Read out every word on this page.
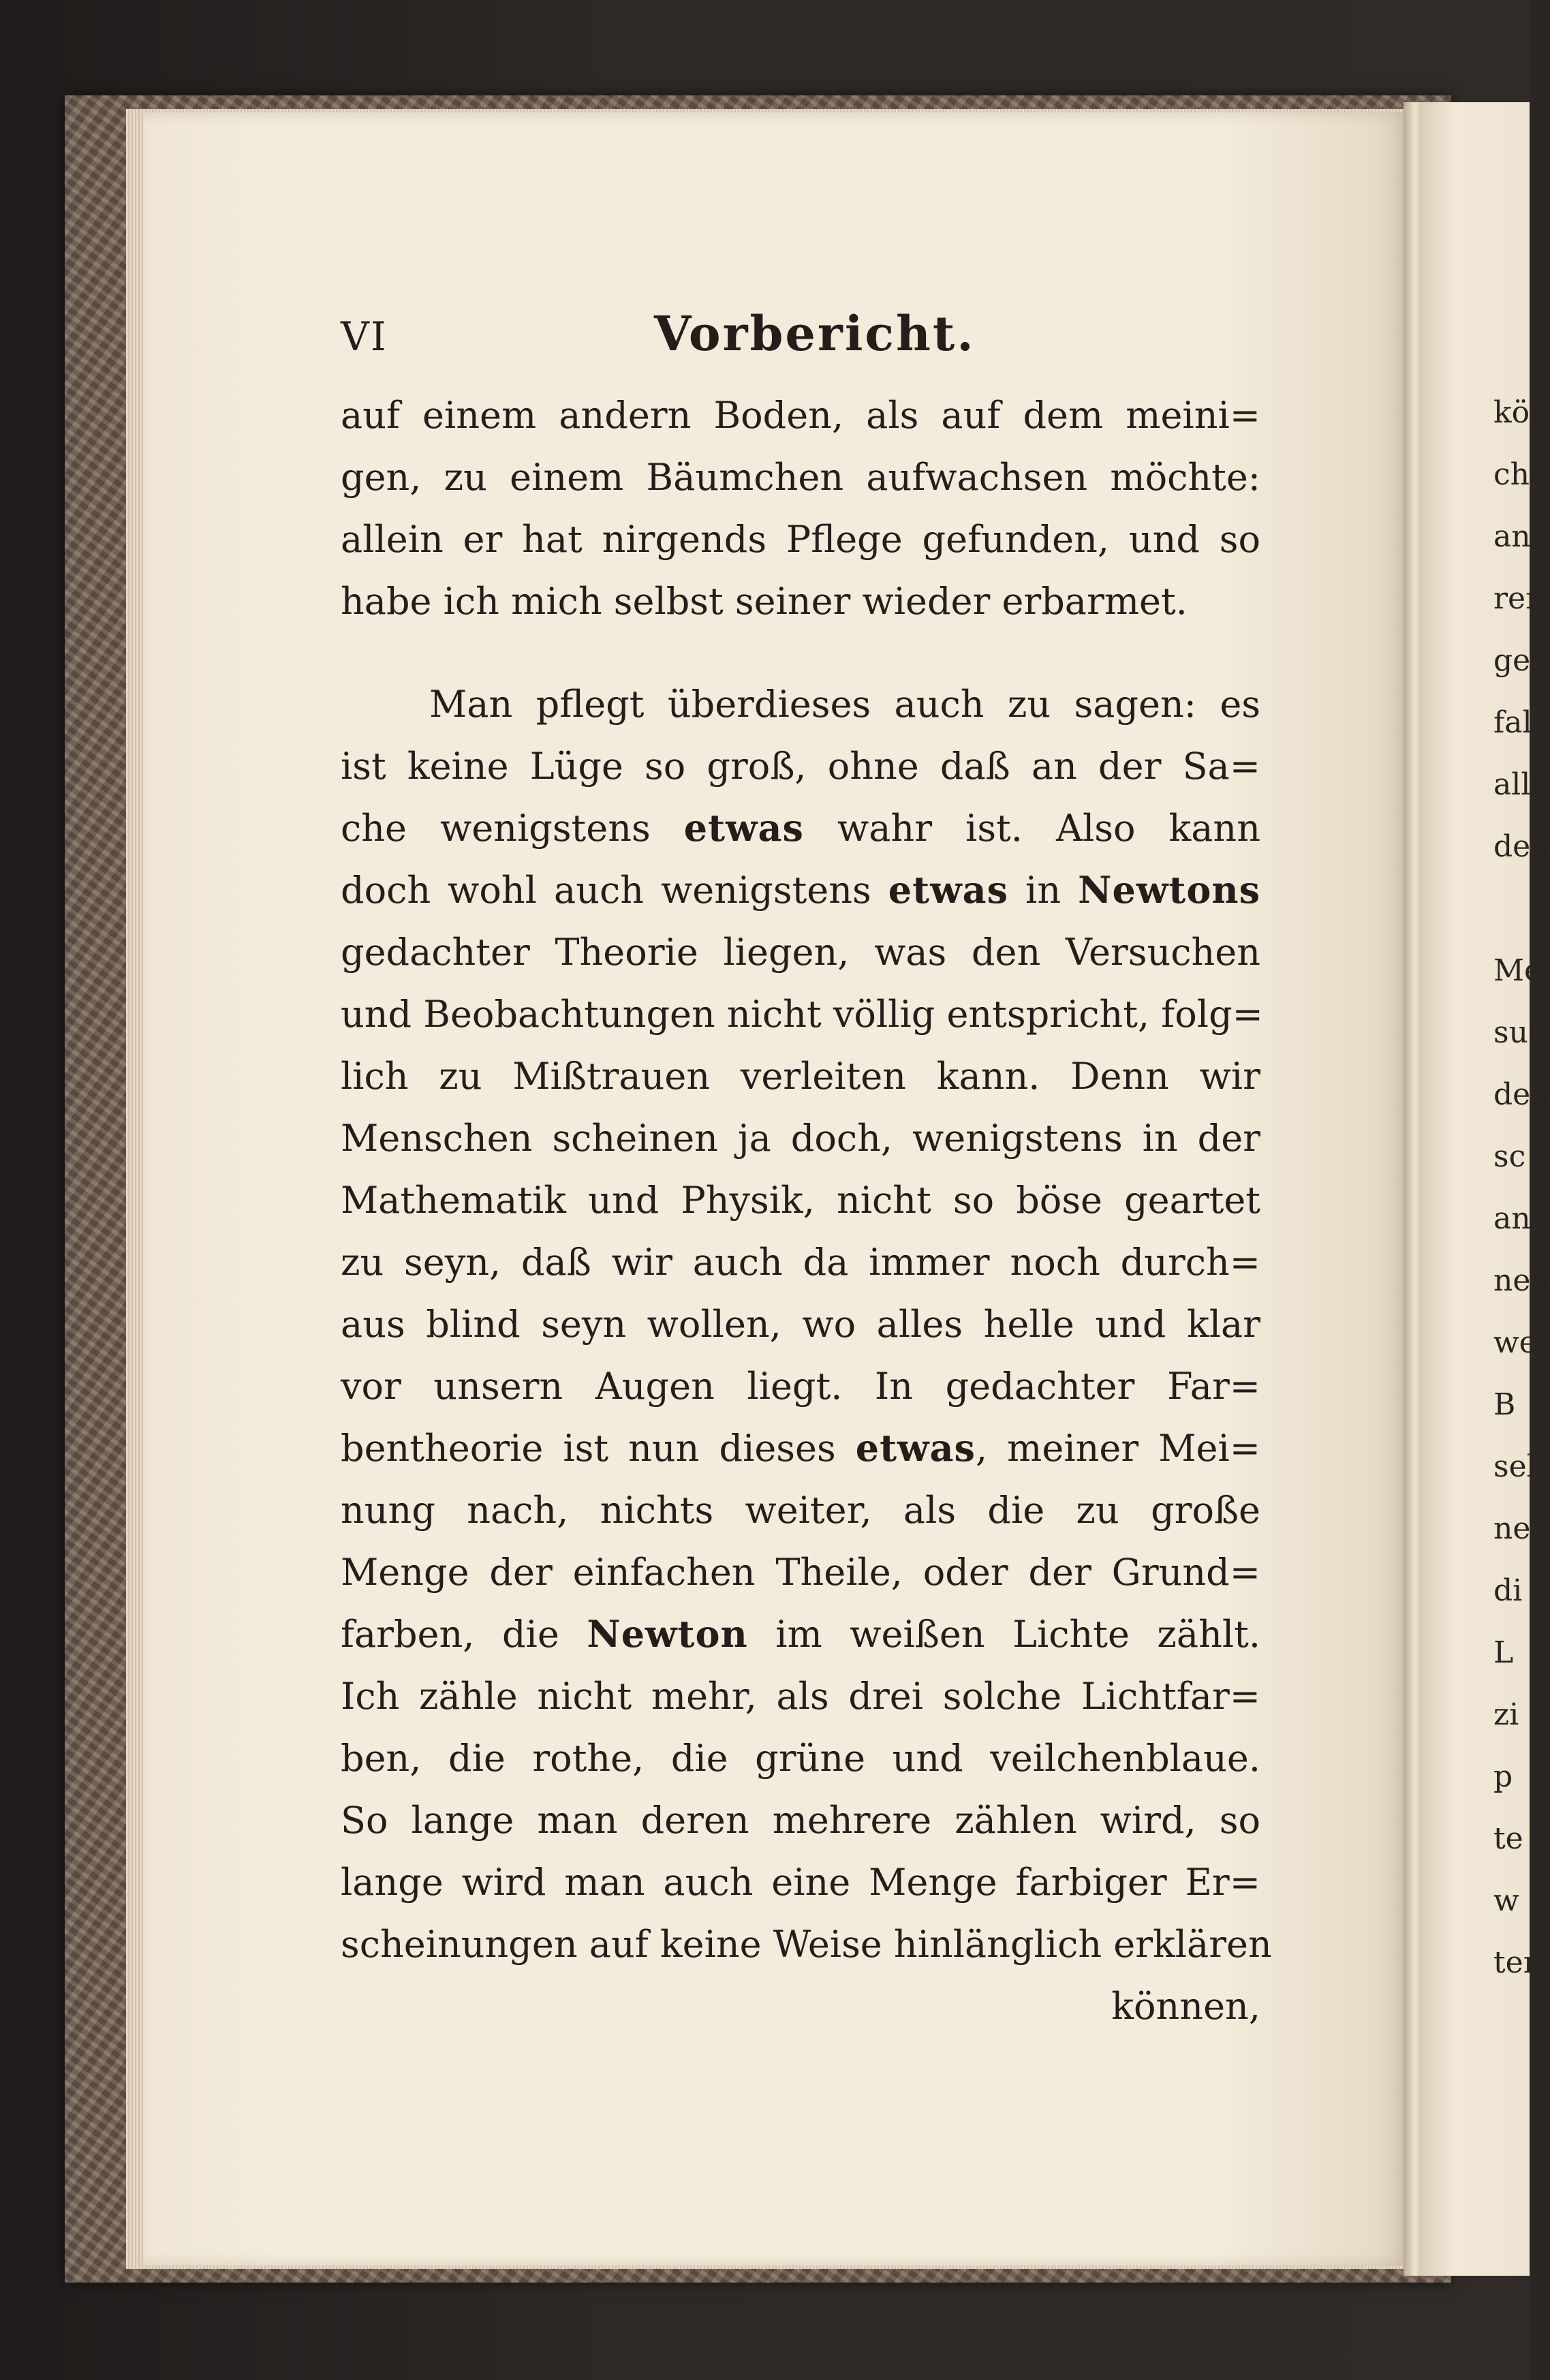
kön
che
an
ren
ges
fal
alle
den
Me
suc
den
sc
an
nen
we
B
sel
ne
di
L
zi
p
te
w
ter
VI	Vorbericht.
auf einem andern Boden, als auf dem meini=
gen, zu einem Bäumchen aufwachsen möchte:
allein er hat nirgends Pflege gefunden, und so
habe ich mich selbst seiner wieder erbarmet.
Man pflegt überdieses auch zu sagen: es
ist keine Lüge so groß, ohne daß an der Sa=
che wenigstens etwas wahr ist. Also kann
doch wohl auch wenigstens etwas in Newtons
gedachter Theorie liegen, was den Versuchen
und Beobachtungen nicht völlig entspricht, folg=
lich zu Mißtrauen verleiten kann. Denn wir
Menschen scheinen ja doch, wenigstens in der
Mathematik und Physik, nicht so böse geartet
zu seyn, daß wir auch da immer noch durch=
aus blind seyn wollen, wo alles helle und klar
vor unsern Augen liegt. In gedachter Far=
bentheorie ist nun dieses etwas, meiner Mei=
nung nach, nichts weiter, als die zu große
Menge der einfachen Theile, oder der Grund=
farben, die Newton im weißen Lichte zählt.
Ich zähle nicht mehr, als drei solche Lichtfar=
ben, die rothe, die grüne und veilchenblaue.
So lange man deren mehrere zählen wird, so
lange wird man auch eine Menge farbiger Er=
scheinungen auf keine Weise hinlänglich erklären
können,
